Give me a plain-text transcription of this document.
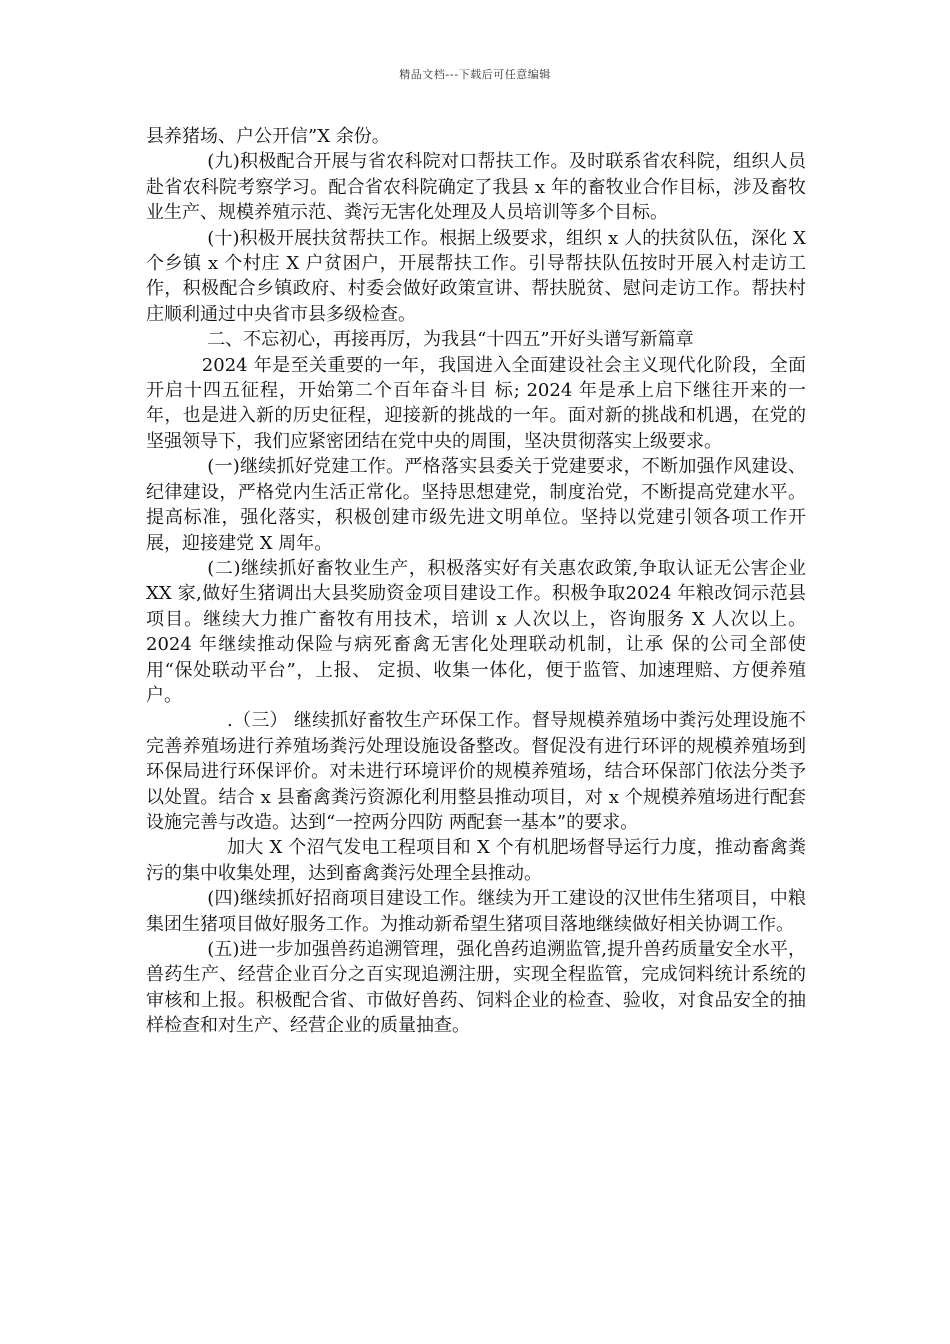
精品文档---下载后可任意编辑

县养猪场、户公开信”X 余份。

(九)积极配合开展与省农科院对口帮扶工作。及时联系省农科院，组织人员赴省农科院考察学习。配合省农科院确定了我县 x 年的畜牧业合作目标，涉及畜牧业生产、规模养殖示范、粪污无害化处理及人员培训等多个目标。

(十)积极开展扶贫帮扶工作。根据上级要求，组织 x 人的扶贫队伍，深化 X 个乡镇 x 个村庄 X 户贫困户，开展帮扶工作。引导帮扶队伍按时开展入村走访工作，积极配合乡镇政府、村委会做好政策宣讲、帮扶脱贫、慰问走访工作。帮扶村庄顺利通过中央省市县多级检查。

二、不忘初心，再接再厉，为我县“十四五”开好头谱写新篇章

2024 年是至关重要的一年，我国进入全面建设社会主义现代化阶段，全面开启十四五征程，开始第二个百年奋斗目 标; 2024 年是承上启下继往开来的一年，也是进入新的历史征程，迎接新的挑战的一年。面对新的挑战和机遇，在党的坚强领导下，我们应紧密团结在党中央的周围，坚决贯彻落实上级要求。

(一)继续抓好党建工作。严格落实县委关于党建要求，不断加强作风建设、纪律建设，严格党内生活正常化。坚持思想建党，制度治党，不断提高党建水平。提高标准，强化落实，积极创建市级先进文明单位。坚持以党建引领各项工作开展，迎接建党 X 周年。

(二)继续抓好畜牧业生产，积极落实好有关惠农政策,争取认证无公害企业 XX 家,做好生猪调出大县奖励资金项目建设工作。积极争取2024 年粮改饲示范县项目。继续大力推广畜牧有用技术，培训 x 人次以上，咨询服务 X 人次以上。2024 年继续推动保险与病死畜禽无害化处理联动机制，让承 保的公司全部使用“保处联动平台”，上报、 定损、收集一体化，便于监管、加速理赔、方便养殖户。

.（三） 继续抓好畜牧生产环保工作。督导规模养殖场中粪污处理设施不完善养殖场进行养殖场粪污处理设施设备整改。督促没有进行环评的规模养殖场到环保局进行环保评价。对未进行环境评价的规模养殖场，结合环保部门依法分类予以处置。结合 x 县畜禽粪污资源化利用整县推动项目，对 x 个规模养殖场进行配套设施完善与改造。达到“一控两分四防 两配套一基本”的要求。

加大 X 个沼气发电工程项目和 X 个有机肥场督导运行力度，推动畜禽粪污的集中收集处理，达到畜禽粪污处理全县推动。

(四)继续抓好招商项目建设工作。继续为开工建设的汉世伟生猪项目，中粮集团生猪项目做好服务工作。为推动新希望生猪项目落地继续做好相关协调工作。

(五)进一步加强兽药追溯管理，强化兽药追溯监管,提升兽药质量安全水平，兽药生产、经营企业百分之百实现追溯注册，实现全程监管，完成饲料统计系统的审核和上报。积极配合省、市做好兽药、饲料企业的检查、验收，对食品安全的抽样检查和对生产、经营企业的质量抽查。
